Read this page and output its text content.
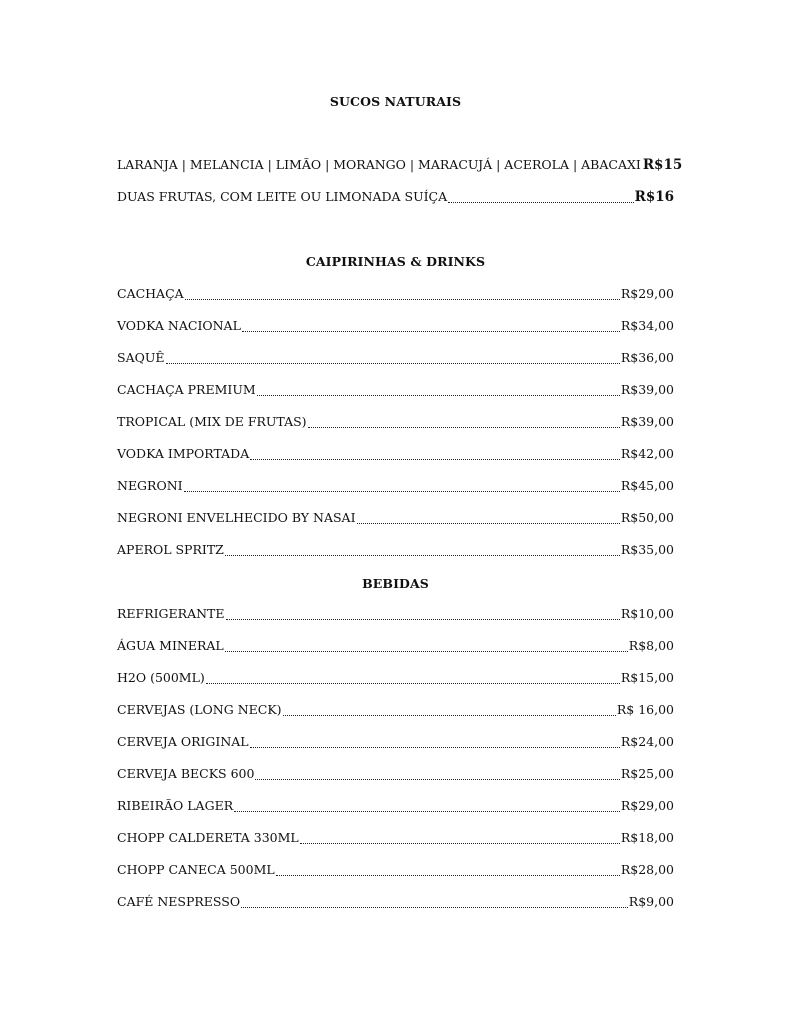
SUCOS NATURAIS
LARANJA | MELANCIA | LIMÃO | MORANGO | MARACUJÁ | ACEROLA | ABACAXI R$15
DUAS FRUTAS, COM LEITE OU LIMONADA SUÍÇA	R$16
CAIPIRINHAS & DRINKS
CACHAÇA	R$29,00
VODKA NACIONAL	R$34,00
SAQUÊ	R$36,00
CACHAÇA PREMIUM	R$39,00
TROPICAL (MIX DE FRUTAS)	R$39,00
VODKA IMPORTADA	R$42,00
NEGRONI	R$45,00
NEGRONI ENVELHECIDO BY NASAI	R$50,00
APEROL SPRITZ	R$35,00
BEBIDAS
REFRIGERANTE	R$10,00
ÁGUA MINERAL	R$8,00
H2O (500ML)	R$15,00
CERVEJAS (LONG NECK)	R$ 16,00
CERVEJA ORIGINAL	R$24,00
CERVEJA BECKS 600	R$25,00
RIBEIRÃO LAGER	R$29,00
CHOPP CALDERETA 330ML	R$18,00
CHOPP CANECA 500ML	R$28,00
CAFÉ NESPRESSO	R$9,00
